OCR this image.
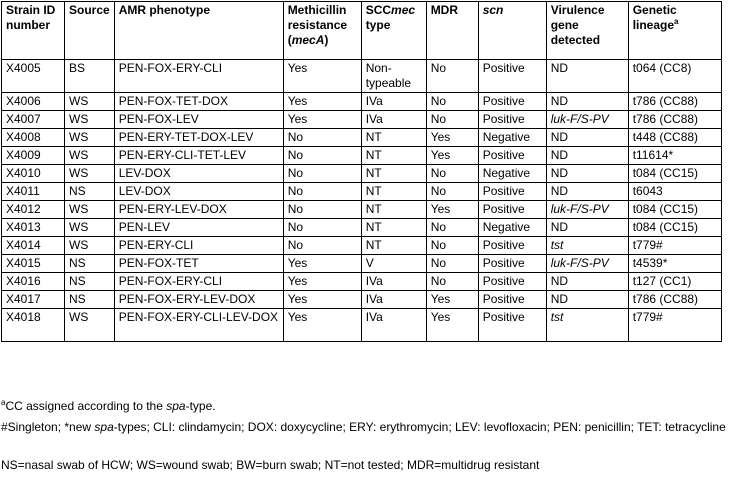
Strain ID number	Source	AMR phenotype	Methicillin resistance (mecA)	SCCmec type	MDR	scn	Virulence gene detected	Genetic lineage$^a$
X4005	BS	PEN-FOX-ERY-CLI	Yes	Non-typeable	No	Positive	ND	t064 (CC8)
X4006	WS	PEN-FOX-TET-DOX	Yes	IVa	No	Positive	ND	t786 (CC88)
X4007	WS	PEN-FOX-LEV	Yes	IVa	No	Positive	luk-F/S-PV	t786 (CC88)
X4008	WS	PEN-ERY-TET-DOX-LEV	No	NT	Yes	Negative	ND	t448 (CC88)
X4009	WS	PEN-ERY-CLI-TET-LEV	No	NT	Yes	Positive	ND	t11614*
X4010	WS	LEV-DOX	No	NT	No	Negative	ND	t084 (CC15)
X4011	NS	LEV-DOX	No	NT	No	Positive	ND	t6043
X4012	WS	PEN-ERY-LEV-DOX	No	NT	Yes	Positive	luk-F/S-PV	t084 (CC15)
X4013	WS	PEN-LEV	No	NT	No	Negative	ND	t084 (CC15)
X4014	WS	PEN-ERY-CLI	No	NT	No	Positive	tst	t779#
X4015	NS	PEN-FOX-TET	Yes	V	No	Positive	luk-F/S-PV	t4539*
X4016	NS	PEN-FOX-ERY-CLI	Yes	IVa	No	Positive	ND	t127 (CC1)
X4017	NS	PEN-FOX-ERY-LEV-DOX	Yes	IVa	Yes	Positive	ND	t786 (CC88)
X4018	WS	PEN-FOX-ERY-CLI-LEV-DOX	Yes	IVa	Yes	Positive	tst	t779#
$^a$CC assigned according to the spa-type.
#Singleton; *new spa-types; CLI: clindamycin; DOX: doxycycline; ERY: erythromycin; LEV: levofloxacin; PEN: penicillin; TET: tetracycline
NS=nasal swab of HCW; WS=wound swab; BW=burn swab; NT=not tested; MDR=multidrug resistant
